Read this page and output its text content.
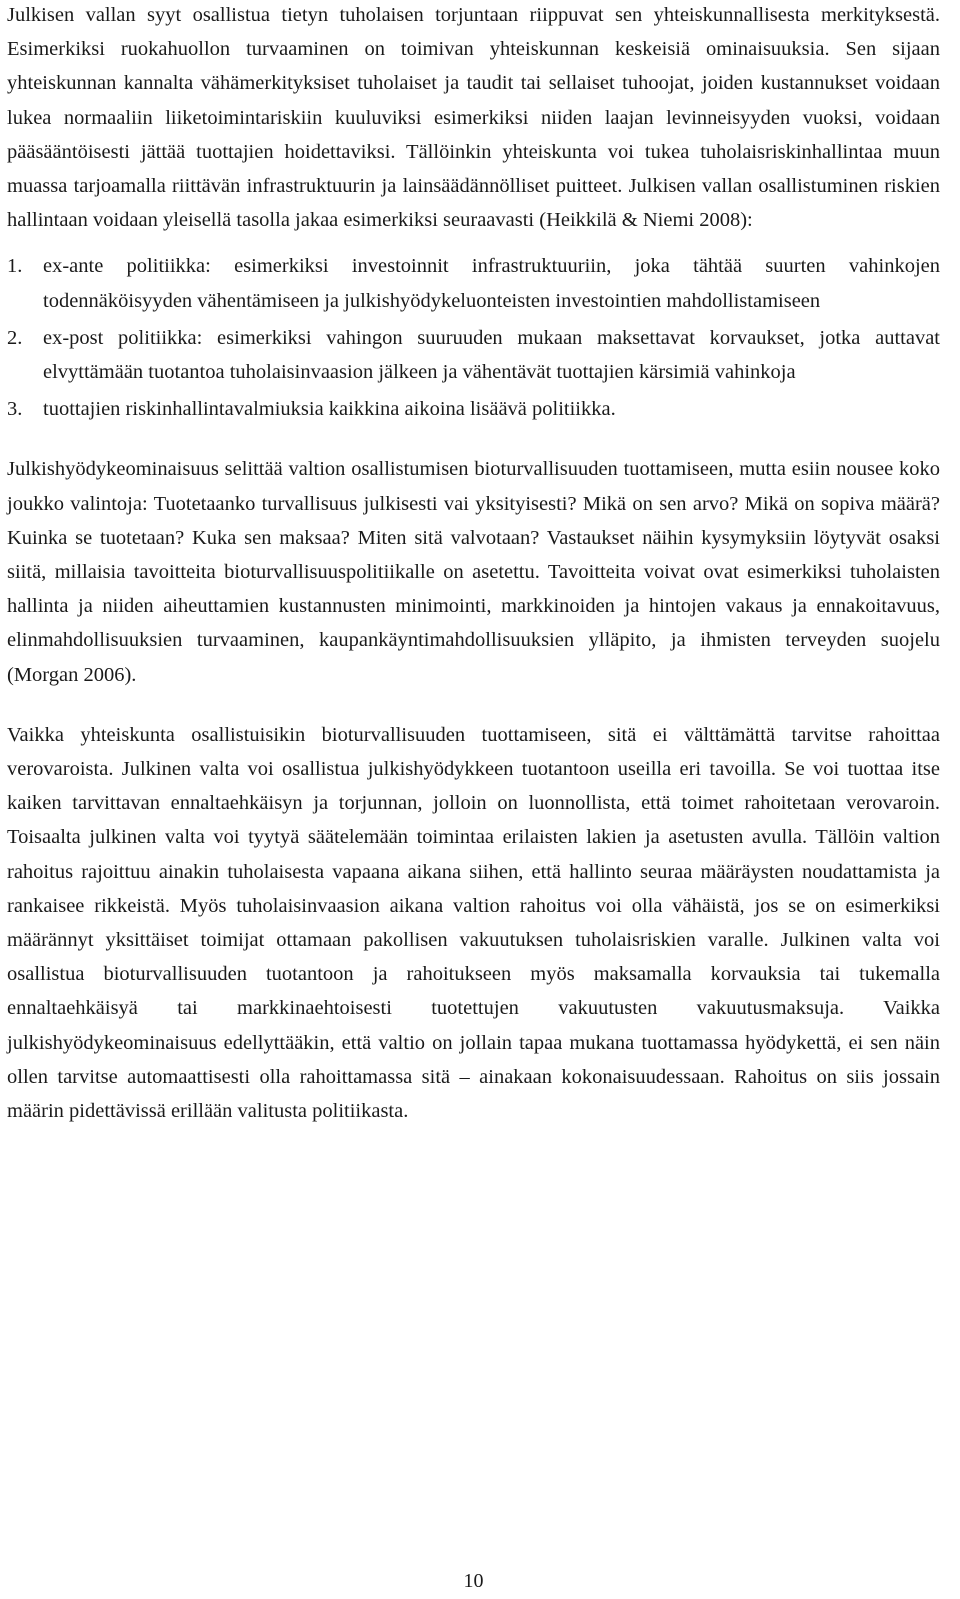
Julkisen vallan syyt osallistua tietyn tuholaisen torjuntaan riippuvat sen yhteiskunnallisesta merkityksestä. Esimerkiksi ruokahuollon turvaaminen on toimivan yhteiskunnan keskeisiä ominaisuuksia. Sen sijaan yhteiskunnan kannalta vähämerkityksiset tuholaiset ja taudit tai sellaiset tuhoojat, joiden kustannukset voidaan lukea normaaliin liiketoimintariskiin kuuluviksi esimerkiksi niiden laajan levinneisyyden vuoksi, voidaan pääsääntöisesti jättää tuottajien hoidettaviksi. Tällöinkin yhteiskunta voi tukea tuholaisriskinhallintaa muun muassa tarjoamalla riittävän infrastruktuurin ja lainsäädännölliset puitteet. Julkisen vallan osallistuminen riskien hallintaan voidaan yleisellä tasolla jakaa esimerkiksi seuraavasti (Heikkilä & Niemi 2008):

1. ex-ante politiikka: esimerkiksi investoinnit infrastruktuuriin, joka tähtää suurten vahinkojen todennäköisyyden vähentämiseen ja julkishyödykeluonteisten investointien mahdollistamiseen
2. ex-post politiikka: esimerkiksi vahingon suuruuden mukaan maksettavat korvaukset, jotka auttavat elvyttämään tuotantoa tuholaisinvaasion jälkeen ja vähentävät tuottajien kärsimiä vahinkoja
3. tuottajien riskinhallintavalmiuksia kaikkina aikoina lisäävä politiikka.

Julkishyödykeominaisuus selittää valtion osallistumisen bioturvallisuuden tuottamiseen, mutta esiin nousee koko joukko valintoja: Tuotetaanko turvallisuus julkisesti vai yksityisesti? Mikä on sen arvo? Mikä on sopiva määrä? Kuinka se tuotetaan? Kuka sen maksaa? Miten sitä valvotaan? Vastaukset näihin kysymyksiin löytyvät osaksi siitä, millaisia tavoitteita bioturvallisuuspolitiikalle on asetettu. Tavoitteita voivat ovat esimerkiksi tuholaisten hallinta ja niiden aiheuttamien kustannusten minimointi, markkinoiden ja hintojen vakaus ja ennakoitavuus, elinmahdollisuuksien turvaaminen, kaupankäyntimahdollisuuksien ylläpito, ja ihmisten terveyden suojelu (Morgan 2006).

Vaikka yhteiskunta osallistuisikin bioturvallisuuden tuottamiseen, sitä ei välttämättä tarvitse rahoittaa verovaroista. Julkinen valta voi osallistua julkishyödykkeen tuotantoon useilla eri tavoilla. Se voi tuottaa itse kaiken tarvittavan ennaltaehkäisyn ja torjunnan, jolloin on luonnollista, että toimet rahoitetaan verovaroin. Toisaalta julkinen valta voi tyytyä säätelemään toimintaa erilaisten lakien ja asetusten avulla. Tällöin valtion rahoitus rajoittuu ainakin tuholaisesta vapaana aikana siihen, että hallinto seuraa määräysten noudattamista ja rankaisee rikkeistä. Myös tuholaisinvaasion aikana valtion rahoitus voi olla vähäistä, jos se on esimerkiksi määrännyt yksittäiset toimijat ottamaan pakollisen vakuutuksen tuholaisriskien varalle. Julkinen valta voi osallistua bioturvallisuuden tuotantoon ja rahoitukseen myös maksamalla korvauksia tai tukemalla ennaltaehkäisyä tai markkinaehtoisesti tuotettujen vakuutusten vakuutusmaksuja. Vaikka julkishyödykeominaisuus edellyttääkin, että valtio on jollain tapaa mukana tuottamassa hyödykettä, ei sen näin ollen tarvitse automaattisesti olla rahoittamassa sitä – ainakaan kokonaisuudessaan. Rahoitus on siis jossain määrin pidettävissä erillään valitusta politiikasta.

10
